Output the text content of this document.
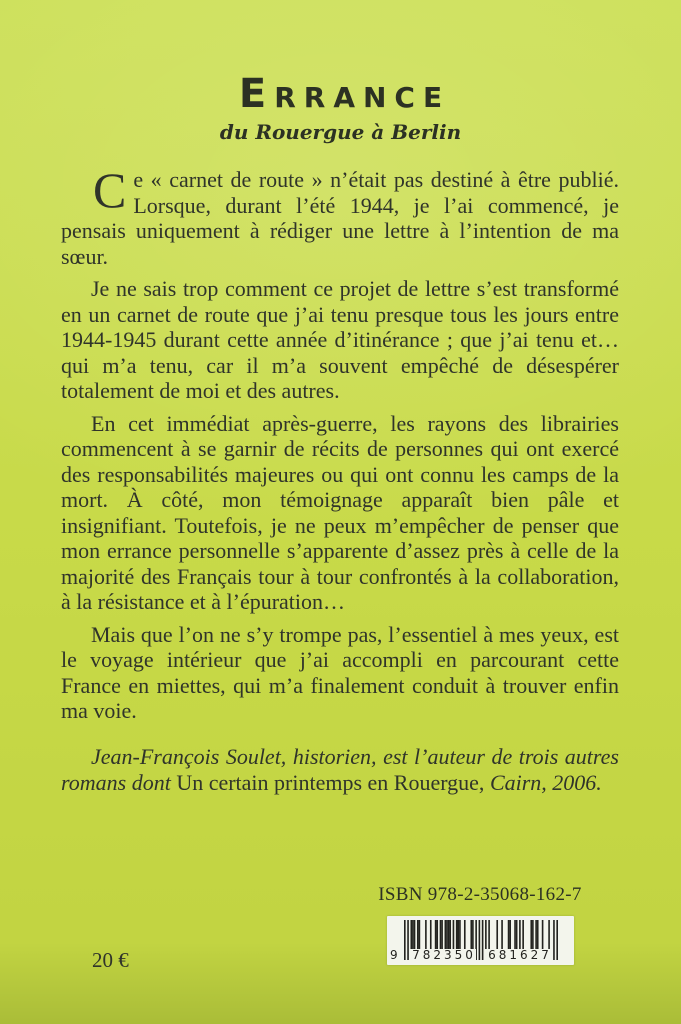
ERRANCE
du Rouergue à Berlin

Ce « carnet de route » n’était pas destiné à être publié. Lorsque, durant l’été 1944, je l’ai commencé, je pensais uniquement à rédiger une lettre à l’intention de ma sœur.

Je ne sais trop comment ce projet de lettre s’est transformé en un carnet de route que j’ai tenu presque tous les jours entre 1944-1945 durant cette année d’itinérance ; que j’ai tenu et… qui m’a tenu, car il m’a souvent empêché de désespérer totalement de moi et des autres.

En cet immédiat après-guerre, les rayons des librairies commencent à se garnir de récits de personnes qui ont exercé des responsabilités majeures ou qui ont connu les camps de la mort. À côté, mon témoignage apparaît bien pâle et insignifiant. Toutefois, je ne peux m’empêcher de penser que mon errance personnelle s’apparente d’assez près à celle de la majorité des Français tour à tour confrontés à la collaboration, à la résistance et à l’épuration…

Mais que l’on ne s’y trompe pas, l’essentiel à mes yeux, est le voyage intérieur que j’ai accompli en parcourant cette France en miettes, qui m’a finalement conduit à trouver enfin ma voie.

Jean-François Soulet, historien, est l’auteur de trois autres romans dont Un certain printemps en Rouergue, Cairn, 2006.

ISBN 978-2-35068-162-7
9 782350 681627
20 €
